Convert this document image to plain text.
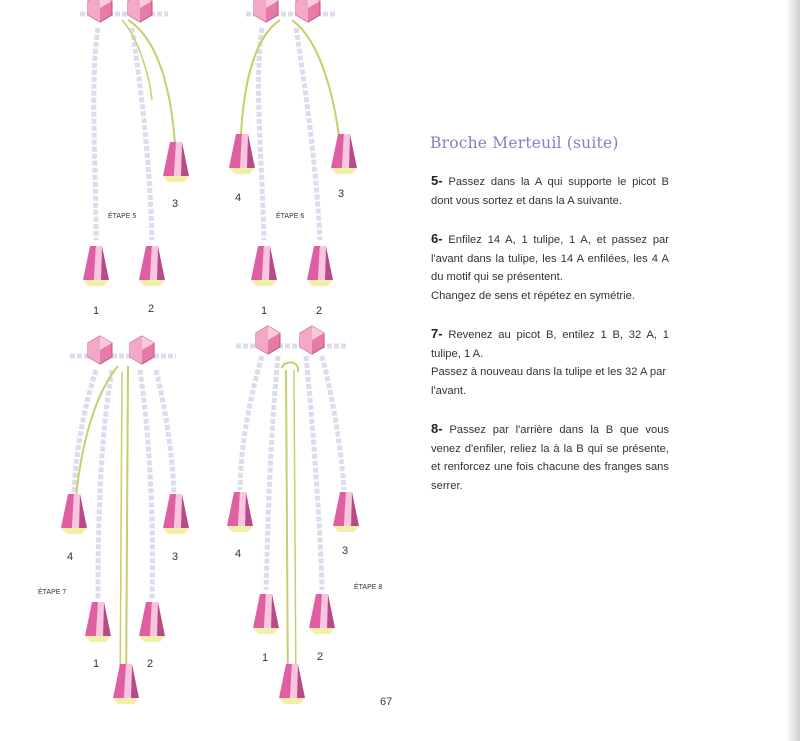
ÉTAPE 5
1	2
3
ÉTAPE 6
1	2
3
4
ÉTAPE 7
1	2
3
4
ÉTAPE 8
1	2
3
4
Broche Merteuil (suite)
5- Passez dans la A qui supporte le picot B dont vous sortez et dans la A suivante.
6- Enfilez 14 A, 1 tulipe, 1 A, et passez par l'avant dans la tulipe, les 14 A enfilées, les 4 A du motif qui se présentent.
Changez de sens et répétez en symétrie.
7- Revenez au picot B, entilez 1 B, 32 A, 1 tulipe, 1 A.
Passez à nouveau dans la tulipe et les 32 A par l'avant.
8- Passez par l'arrière dans la B que vous venez d'enfiler, reliez la à la B qui se présente, et renforcez une fois chacune des franges sans serrer.
67
